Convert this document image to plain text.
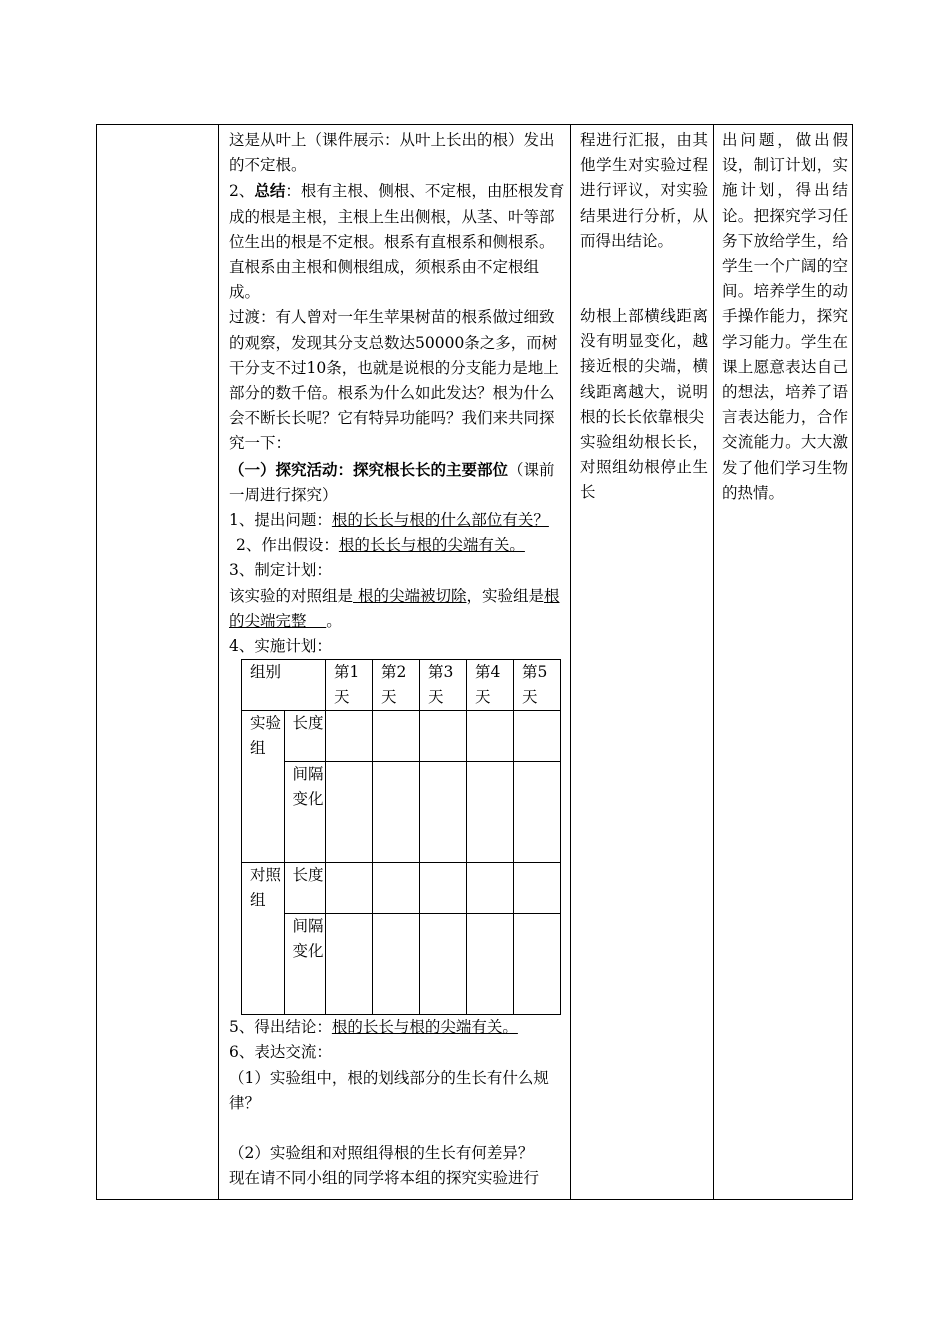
这是从叶上（课件展示：从叶上长出的根）发出的不定根。

2、总结：根有主根、侧根、不定根，由胚根发育成的根是主根，主根上生出侧根，从茎、叶等部位生出的根是不定根。根系有直根系和侧根系。直根系由主根和侧根组成，须根系由不定根组成。

过渡：有人曾对一年生苹果树苗的根系做过细致的观察，发现其分支总数达50000条之多，而树干分支不过10条，也就是说根的分支能力是地上部分的数千倍。根系为什么如此发达？根为什么会不断长长呢？它有特异功能吗？我们来共同探究一下：

（一）探究活动：探究根长长的主要部位（课前一周进行探究）

1、提出问题：根的长长与根的什么部位有关？

2、作出假设：根的长长与根的尖端有关。

3、制定计划：

该实验的对照组是 根的尖端被切除，实验组是根的尖端完整 。

4、实施计划：

组别		第1天	第2天	第3天	第4天	第5天
实验组	长度					
	间隔变化					
对照组	长度					
	间隔变化					

5、得出结论：根的长长与根的尖端有关。

6、表达交流：

（1）实验组中，根的划线部分的生长有什么规律？

（2）实验组和对照组得根的生长有何差异？

现在请不同小组的同学将本组的探究实验进行

程进行汇报，由其他学生对实验过程进行评议，对实验结果进行分析，从而得出结论。

幼根上部横线距离没有明显变化，越接近根的尖端，横线距离越大，说明根的长长依靠根尖

实验组幼根长长，对照组幼根停止生长

出问题，做出假设，制订计划，实施计划，得出结论。把探究学习任务下放给学生，给学生一个广阔的空间。培养学生的动手操作能力，探究学习能力。学生在课上愿意表达自己的想法，培养了语言表达能力，合作交流能力。大大激发了他们学习生物的热情。
